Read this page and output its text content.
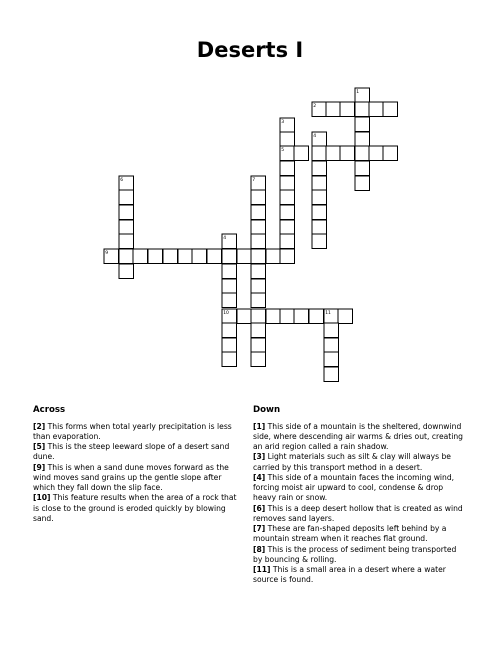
Deserts I
1
2
3
4
5
6	7
4
9
10	11
Across

[2] This forms when total yearly precipitation is less than evaporation.

[5] This is the steep leeward slope of a desert sand dune.

[9] This is when a sand dune moves forward as the wind moves sand grains up the gentle slope after which they fall down the slip face.

[10] This feature results when the area of a rock that is close to the ground is eroded quickly by blowing sand.

Down

[1] This side of a mountain is the sheltered, downwind side, where descending air warms & dries out, creating an arid region called a rain shadow.

[3] Light materials such as silt & clay will always be carried by this transport method in a desert.

[4] This side of a mountain faces the incoming wind, forcing moist air upward to cool, condense & drop heavy rain or snow.

[6] This is a deep desert hollow that is created as wind removes sand layers.

[7] These are fan-shaped deposits left behind by a mountain stream when it reaches flat ground.

[8] This is the process of sediment being transported by bouncing & rolling.

[11] This is a small area in a desert where a water source is found.
